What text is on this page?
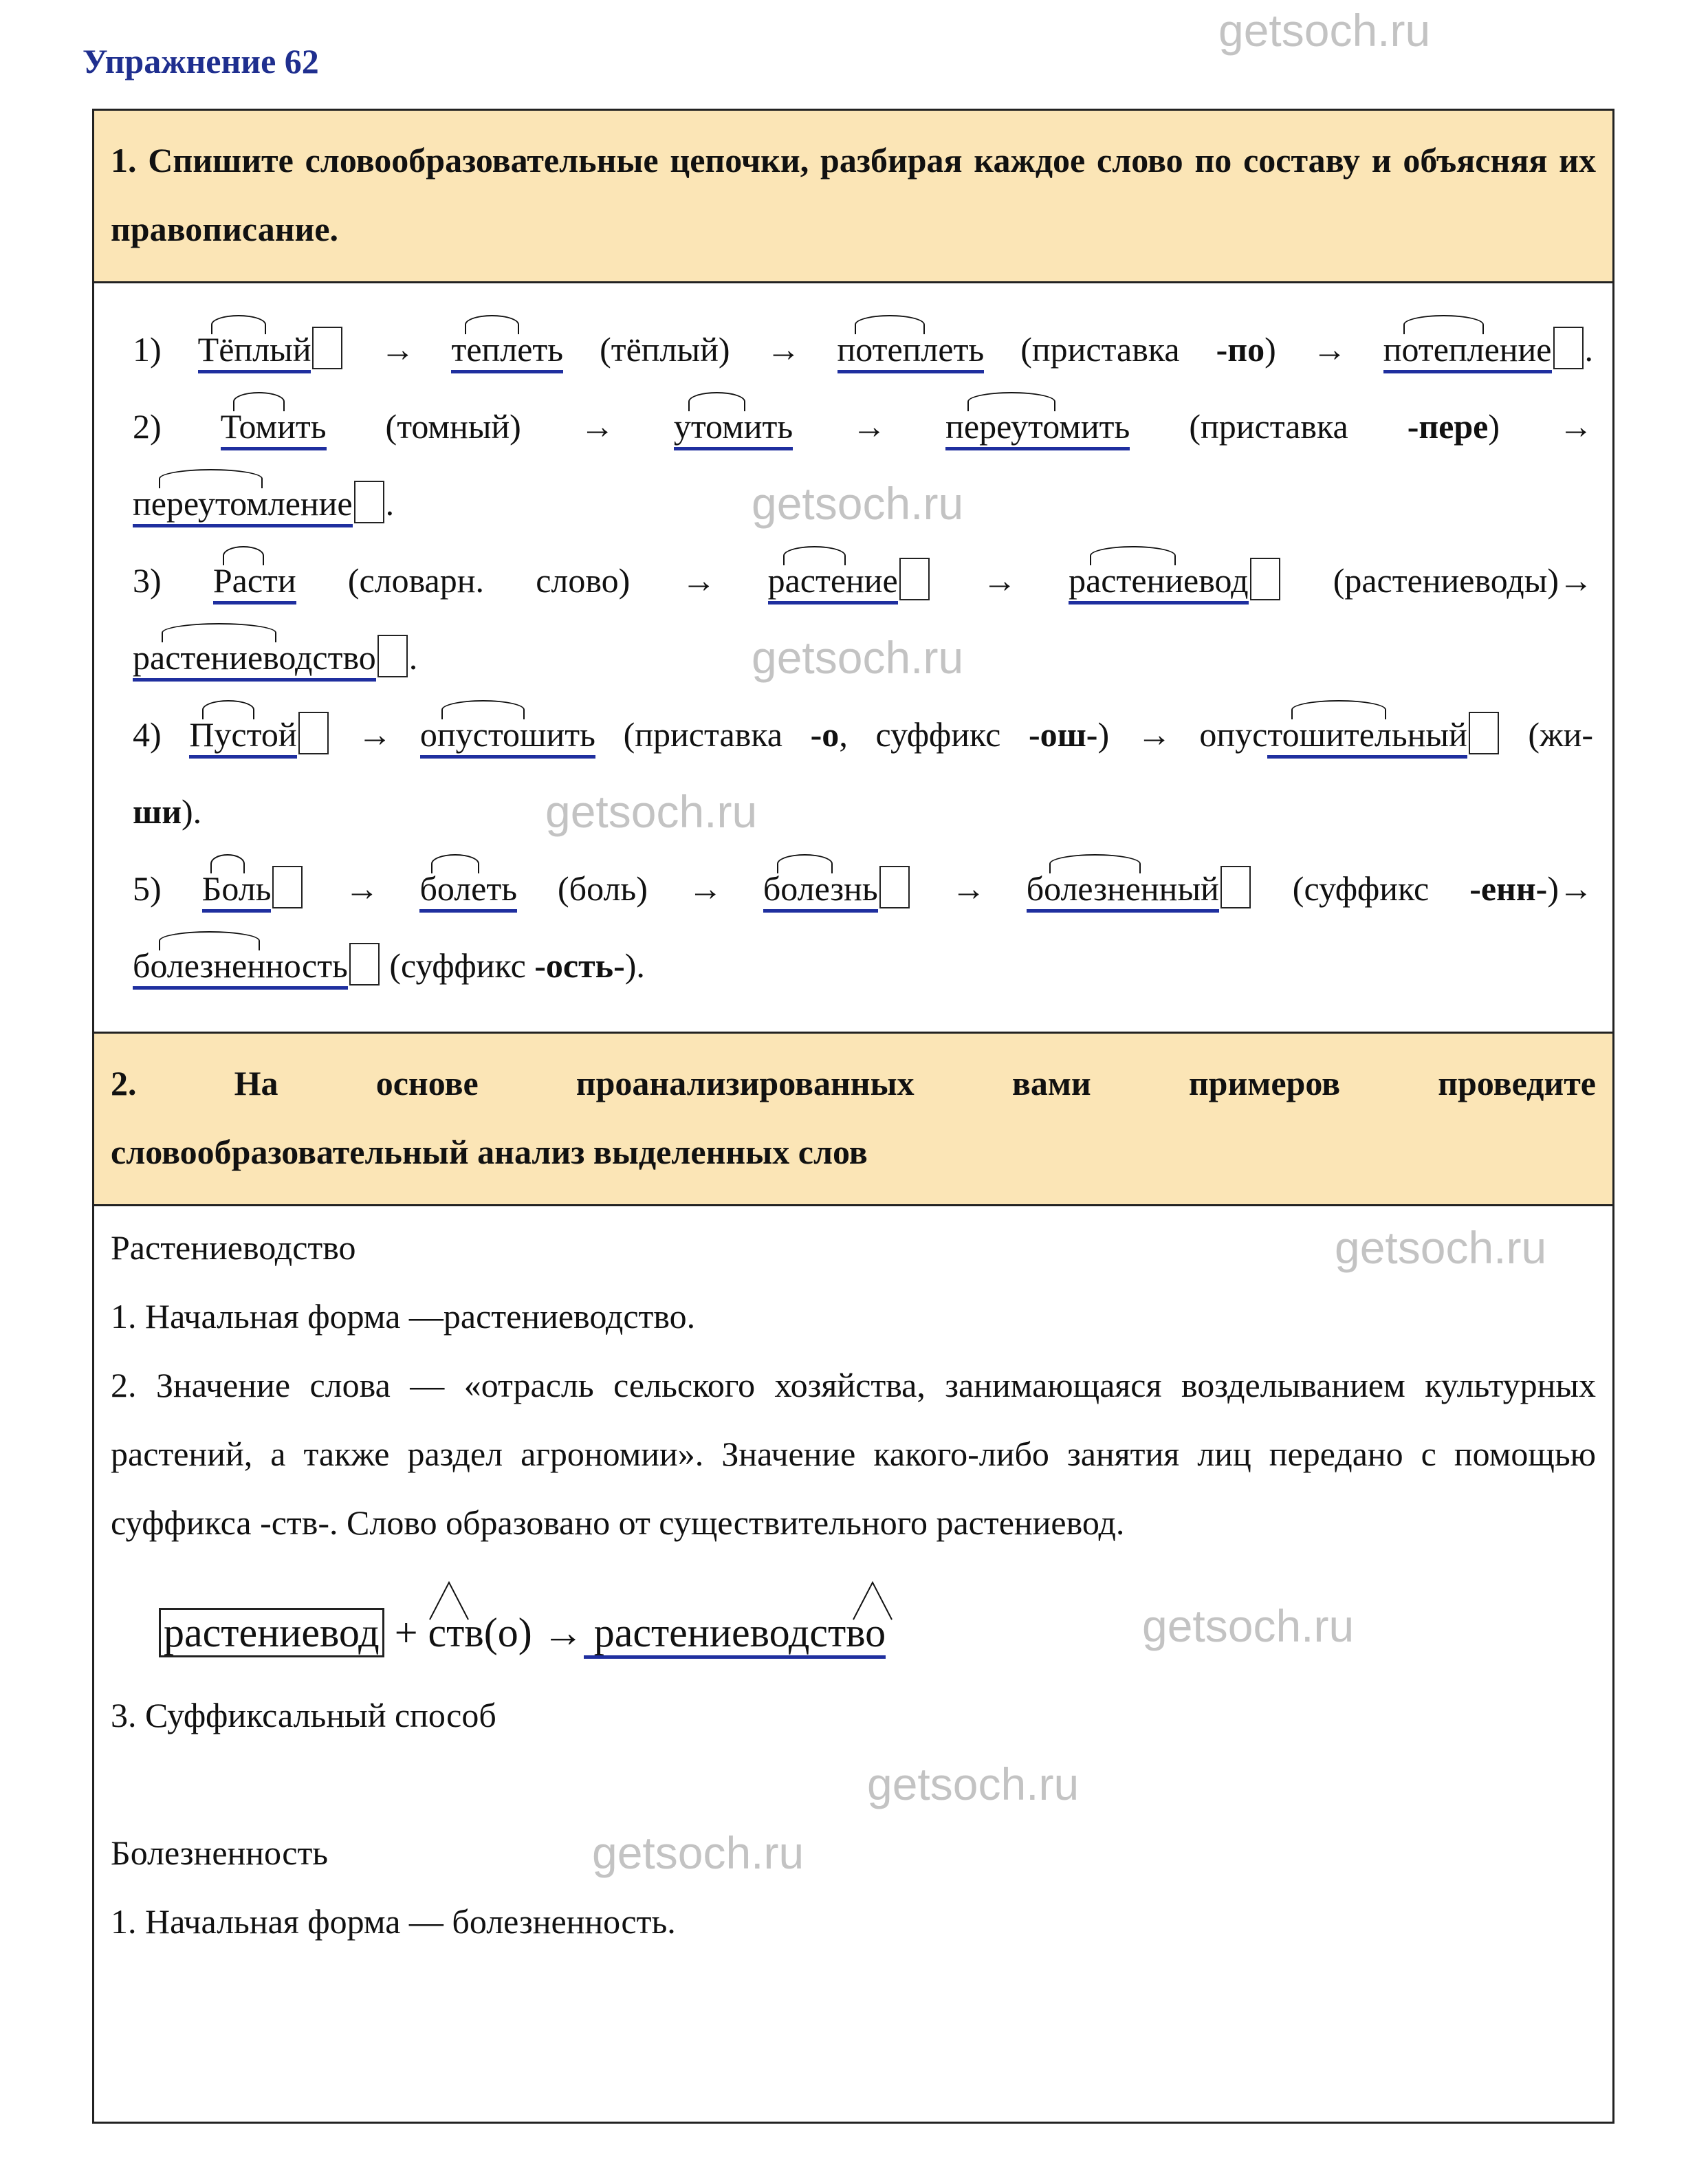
Упражнение 62
getsoch.ru
1. Спишите словообразовательные цепочки, разбирая каждое слово по составу и объясняя их правописание.
1) Тёплый → теплеть (тёплый) → потеплеть (приставка -по) → потепление .
2) Томить (томный) → утомить → переутомить (приставка -пере) →
переутомление .	getsoch.ru
3) Расти (словарн. слово) → растение → растениевод (растениеводы)→
растениеводство .	getsoch.ru
4) Пустой → опустошить (приставка -о, суффикс -ош-) → опустошительный (жи-
ши).	getsoch.ru
5) Боль → болеть (боль) → болезнь → болезненный (суффикс -енн-)→
болезненность (суффикс -ость-).
2. На основе проанализированных вами примеров проведите
словообразовательный анализ выделенных слов
Растениеводство	getsoch.ru

1. Начальная форма —растениеводство.

2. Значение слова — «отрасль сельского хозяйства, занимающаяся возделыванием культурных растений, а также раздел агрономии». Значение какого-либо занятия лиц передано с помощью суффикса -ств-. Слово образовано от существительного растениевод.

растениевод + ств(о) → растениеводство	getsoch.ru

3. Суффиксальный способ

getsoch.ru
Болезненность	getsoch.ru

1. Начальная форма — болезненность.
